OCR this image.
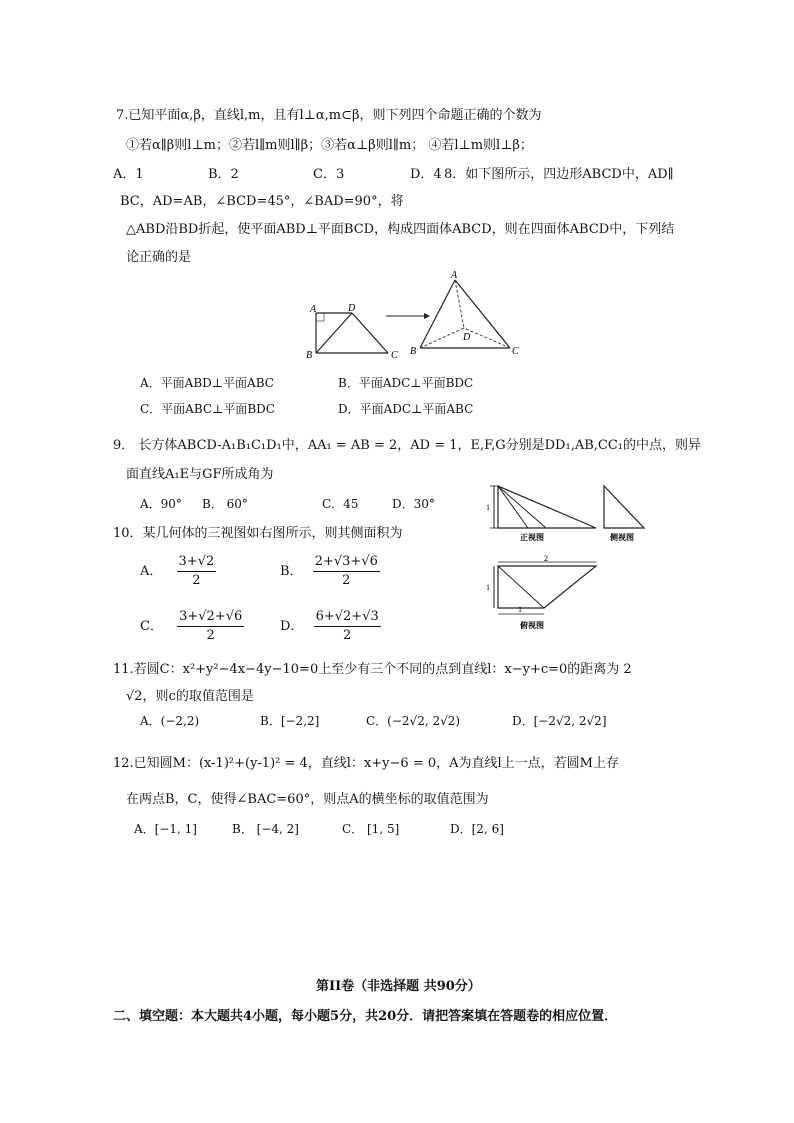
7.已知平面α,β，直线l,m，且有l⊥α,m⊂β，则下列四个命题正确的个数为
①若α∥β则l⊥m；②若l∥m则l∥β；③若α⊥β则l∥m； ④若l⊥m则l⊥β；
A．1	B．2	C．3	D．4 8．如下图所示，四边形ABCD中，AD∥
BC，AD=AB，∠BCD=45°，∠BAD=90°，将
△ABD沿BD折起，使平面ABD⊥平面BCD，构成四面体ABCD，则在四面体ABCD中，下列结
论正确的是
A	D
B	C
A
D
B	C
A．平面ABD⊥平面ABC	B．平面ADC⊥平面BDC
C．平面ABC⊥平面BDC	D．平面ADC⊥平面ABC
9． 长方体ABCD-A₁B₁C₁D₁中，AA₁ = AB = 2，AD = 1，E,F,G分别是DD₁,AB,CC₁的中点，则异
面直线A₁E与GF所成角为
A．90° B． 60°	C．45	D．30°
10．某几何体的三视图如右图所示，则其侧面积为
A． $\frac{3+√2}{2}$	B． $\frac{2+√3+√6}{2}$
C． $\frac{3+√2+√6}{2}$	D． $\frac{6+√2+√3}{2}$
1
正视图	侧视图
2
1
1
俯视图
11.若圆C：x²+y²−4x−4y−10=0上至少有三个不同的点到直线l：x−y+c=0的距离为 2
√2，则c的取值范围是
A．(−2,2)	B．[−2,2]	C．(−2√2, 2√2)	D．[−2√2, 2√2]
12.已知圆M：(x-1)²+(y-1)² = 4，直线l：x+y−6 = 0，A为直线l上一点，若圆M上存
在两点B，C，使得∠BAC=60°，则点A的横坐标的取值范围为
A．[−1, 1]	B． [−4, 2]	C． [1, 5]	D．[2, 6]
第II卷（非选择题 共90分）
二、填空题：本大题共4小题，每小题5分，共20分．请把答案填在答题卷的相应位置．
